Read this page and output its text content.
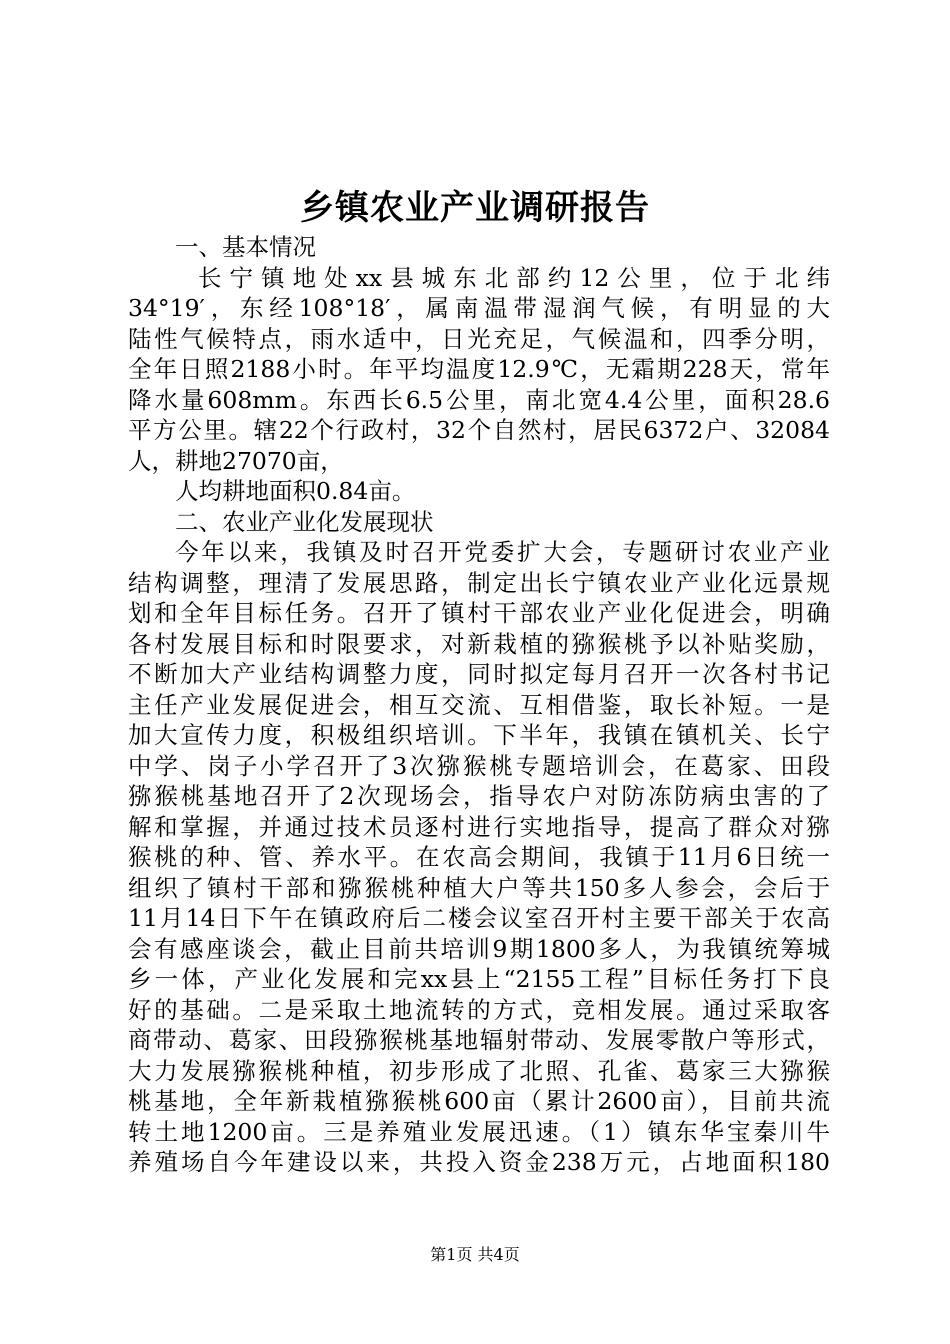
乡镇农业产业调研报告
一、基本情况
长宁镇地处xx县城东北部约12公里，位于北纬
34°19′，东经108°18′，属南温带湿润气候，有明显的大
陆性气候特点，雨水适中，日光充足，气候温和，四季分明，
全年日照2188小时。年平均温度12.9℃，无霜期228天，常年
降水量608mm。东西长6.5公里，南北宽4.4公里，面积28.6
平方公里。辖22个行政村，32个自然村，居民6372户、32084
人，耕地27070亩，
人均耕地面积0.84亩。
二、农业产业化发展现状
今年以来，我镇及时召开党委扩大会，专题研讨农业产业
结构调整，理清了发展思路，制定出长宁镇农业产业化远景规
划和全年目标任务。召开了镇村干部农业产业化促进会，明确
各村发展目标和时限要求，对新栽植的猕猴桃予以补贴奖励，
不断加大产业结构调整力度，同时拟定每月召开一次各村书记
主任产业发展促进会，相互交流、互相借鉴，取长补短。一是
加大宣传力度，积极组织培训。下半年，我镇在镇机关、长宁
中学、岗子小学召开了3次猕猴桃专题培训会，在葛家、田段
猕猴桃基地召开了2次现场会，指导农户对防冻防病虫害的了
解和掌握，并通过技术员逐村进行实地指导，提高了群众对猕
猴桃的种、管、养水平。在农高会期间，我镇于11月6日统一
组织了镇村干部和猕猴桃种植大户等共150多人参会，会后于
11月14日下午在镇政府后二楼会议室召开村主要干部关于农高
会有感座谈会，截止目前共培训9期1800多人，为我镇统筹城
乡一体，产业化发展和完xx县上“2155工程”目标任务打下良
好的基础。二是采取土地流转的方式，竞相发展。通过采取客
商带动、葛家、田段猕猴桃基地辐射带动、发展零散户等形式，
大力发展猕猴桃种植，初步形成了北照、孔雀、葛家三大猕猴
桃基地，全年新栽植猕猴桃600亩（累计2600亩），目前共流
转土地1200亩。三是养殖业发展迅速。（1）镇东华宝秦川牛
养殖场自今年建设以来，共投入资金238万元，占地面积180
第1页 共4页
